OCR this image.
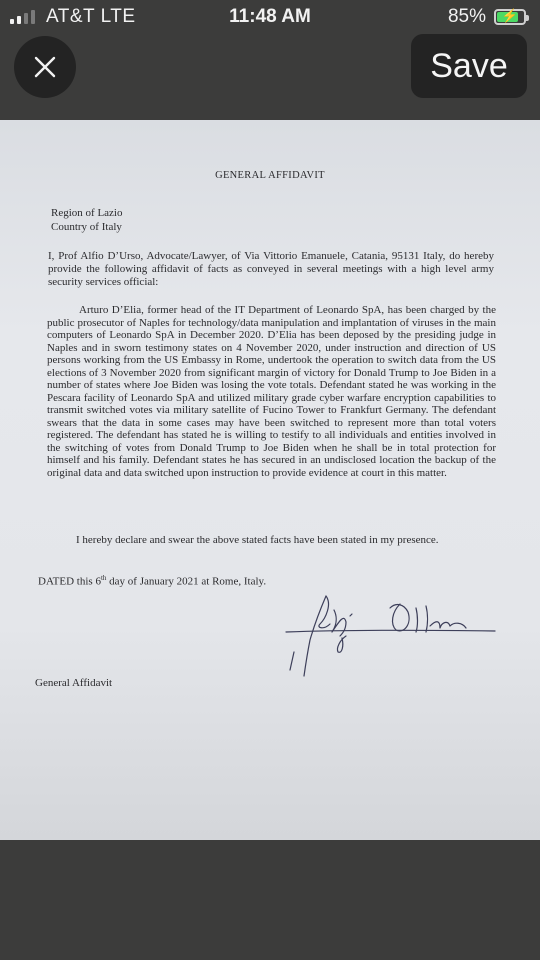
AT&T LTE	11:48 AM	85%	⚡
Save
GENERAL AFFIDAVIT
Region of Lazio
Country of Italy
I, Prof Alfio D’Urso, Advocate/Lawyer, of Via Vittorio Emanuele, Catania, 95131 Italy, do hereby provide the following affidavit of facts as conveyed in several meetings with a high level army security services official:
Arturo D’Elia, former head of the IT Department of Leonardo SpA, has been charged by the public prosecutor of Naples for technology/data manipulation and implantation of viruses in the main computers of Leonardo SpA in December 2020. D’Elia has been deposed by the presiding judge in Naples and in sworn testimony states on 4 November 2020, under instruction and direction of US persons working from the US Embassy in Rome, undertook the operation to switch data from the US elections of 3 November 2020 from significant margin of victory for Donald Trump to Joe Biden in a number of states where Joe Biden was losing the vote totals. Defendant stated he was working in the Pescara facility of Leonardo SpA and utilized military grade cyber warfare encryption capabilities to transmit switched votes via military satellite of Fucino Tower to Frankfurt Germany. The defendant swears that the data in some cases may have been switched to represent more than total voters registered. The defendant has stated he is willing to testify to all individuals and entities involved in the switching of votes from Donald Trump to Joe Biden when he shall be in total protection for himself and his family. Defendant states he has secured in an undisclosed location the backup of the original data and data switched upon instruction to provide evidence at court in this matter.
I hereby declare and swear the above stated facts have been stated in my presence.
DATED this 6th day of January 2021 at Rome, Italy.
General Affidavit
